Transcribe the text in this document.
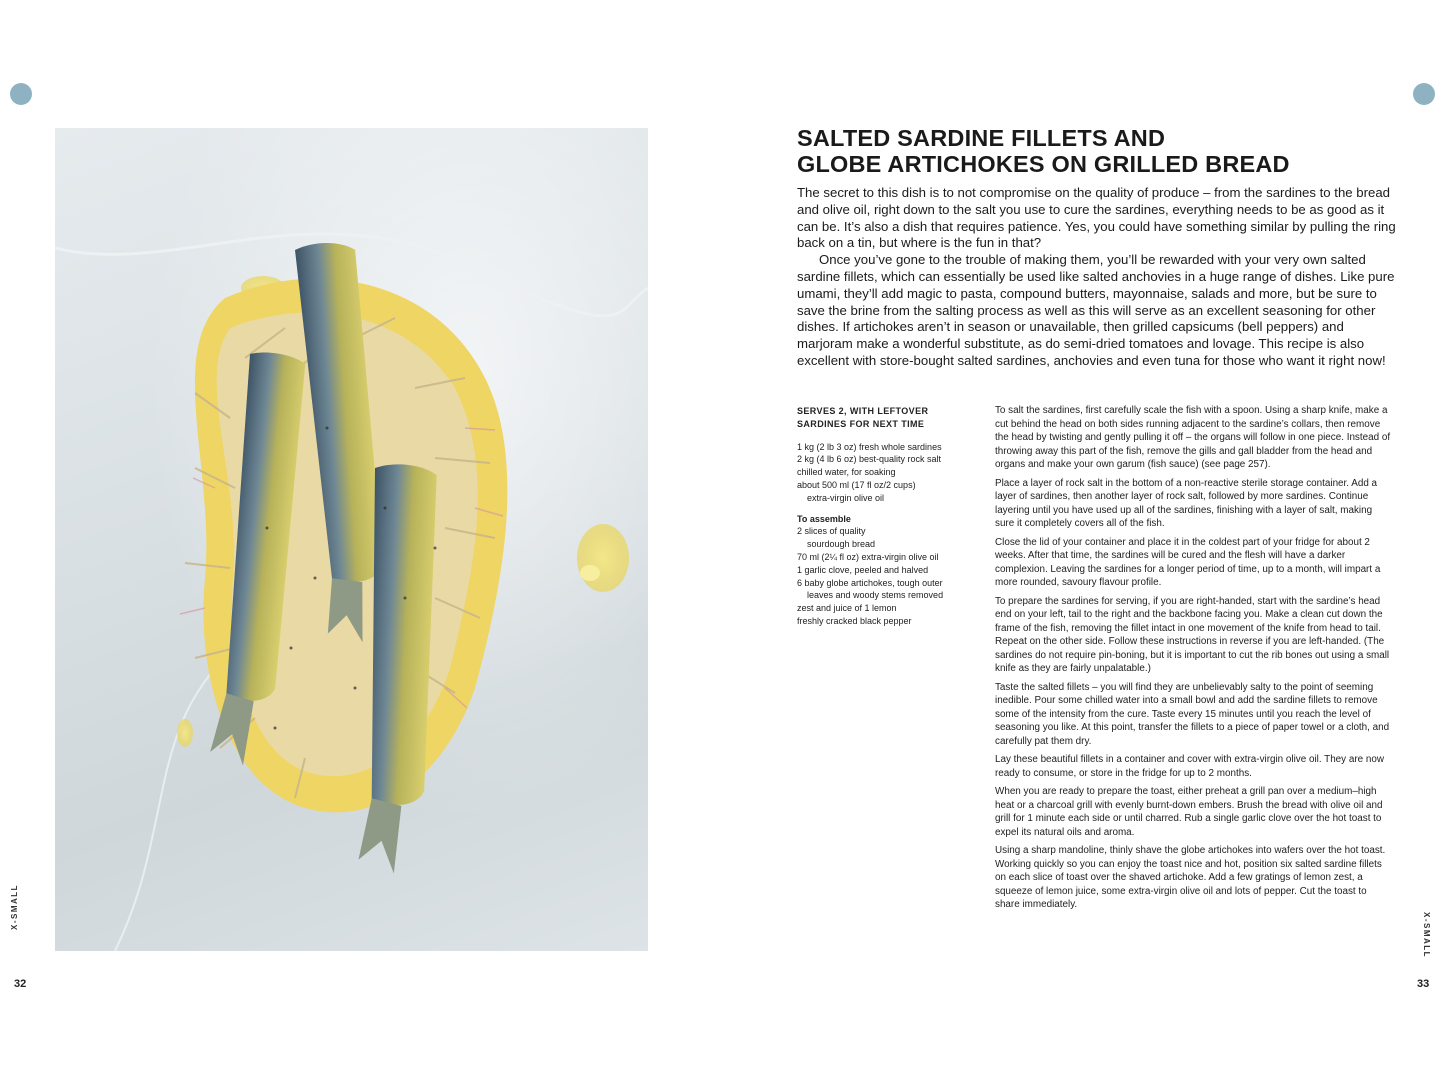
X-SMALL
X-SMALL
32	33
SALTED SARDINE FILLETS AND
GLOBE ARTICHOKES ON GRILLED BREAD

The secret to this dish is to not compromise on the quality of produce – from the sardines to the bread and olive oil, right down to the salt you use to cure the sardines, everything needs to be as good as it can be. It’s also a dish that requires patience. Yes, you could have something similar by pulling the ring back on a tin, but where is the fun in that?

Once you’ve gone to the trouble of making them, you’ll be rewarded with your very own salted sardine fillets, which can essentially be used like salted anchovies in a huge range of dishes. Like pure umami, they’ll add magic to pasta, compound butters, mayonnaise, salads and more, but be sure to save the brine from the salting process as well as this will serve as an excellent seasoning for other dishes. If artichokes aren’t in season or unavailable, then grilled capsicums (bell peppers) and marjoram make a wonderful substitute, as do semi-dried tomatoes and lovage. This recipe is also excellent with store-bought salted sardines, anchovies and even tuna for those who want it right now!

SERVES 2, WITH LEFTOVER SARDINES FOR NEXT TIME
1 kg (2 lb 3 oz) fresh whole sardines
2 kg (4 lb 6 oz) best-quality rock salt
chilled water, for soaking
about 500 ml (17 fl oz/2 cups)
extra-virgin olive oil
To assemble
2 slices of quality
sourdough bread
70 ml (2¼ fl oz) extra-virgin olive oil
1 garlic clove, peeled and halved
6 baby globe artichokes, tough outer
leaves and woody stems removed
zest and juice of 1 lemon
freshly cracked black pepper

To salt the sardines, first carefully scale the fish with a spoon. Using a sharp knife, make a cut behind the head on both sides running adjacent to the sardine’s collars, then remove the head by twisting and gently pulling it off – the organs will follow in one piece. Instead of throwing away this part of the fish, remove the gills and gall bladder from the head and organs and make your own garum (fish sauce) (see page 257).

Place a layer of rock salt in the bottom of a non-reactive sterile storage container. Add a layer of sardines, then another layer of rock salt, followed by more sardines. Continue layering until you have used up all of the sardines, finishing with a layer of salt, making sure it completely covers all of the fish.

Close the lid of your container and place it in the coldest part of your fridge for about 2 weeks. After that time, the sardines will be cured and the flesh will have a darker complexion. Leaving the sardines for a longer period of time, up to a month, will impart a more rounded, savoury flavour profile.

To prepare the sardines for serving, if you are right-handed, start with the sardine’s head end on your left, tail to the right and the backbone facing you. Make a clean cut down the frame of the fish, removing the fillet intact in one movement of the knife from head to tail. Repeat on the other side. Follow these instructions in reverse if you are left-handed. (The sardines do not require pin-boning, but it is important to cut the rib bones out using a small knife as they are fairly unpalatable.)

Taste the salted fillets – you will find they are unbelievably salty to the point of seeming inedible. Pour some chilled water into a small bowl and add the sardine fillets to remove some of the intensity from the cure. Taste every 15 minutes until you reach the level of seasoning you like. At this point, transfer the fillets to a piece of paper towel or a cloth, and carefully pat them dry.

Lay these beautiful fillets in a container and cover with extra-virgin olive oil. They are now ready to consume, or store in the fridge for up to 2 months.

When you are ready to prepare the toast, either preheat a grill pan over a medium–high heat or a charcoal grill with evenly burnt-down embers. Brush the bread with olive oil and grill for 1 minute each side or until charred. Rub a single garlic clove over the hot toast to expel its natural oils and aroma.

Using a sharp mandoline, thinly shave the globe artichokes into wafers over the hot toast. Working quickly so you can enjoy the toast nice and hot, position six salted sardine fillets on each slice of toast over the shaved artichoke. Add a few gratings of lemon zest, a squeeze of lemon juice, some extra-virgin olive oil and lots of pepper. Cut the toast to share immediately.
